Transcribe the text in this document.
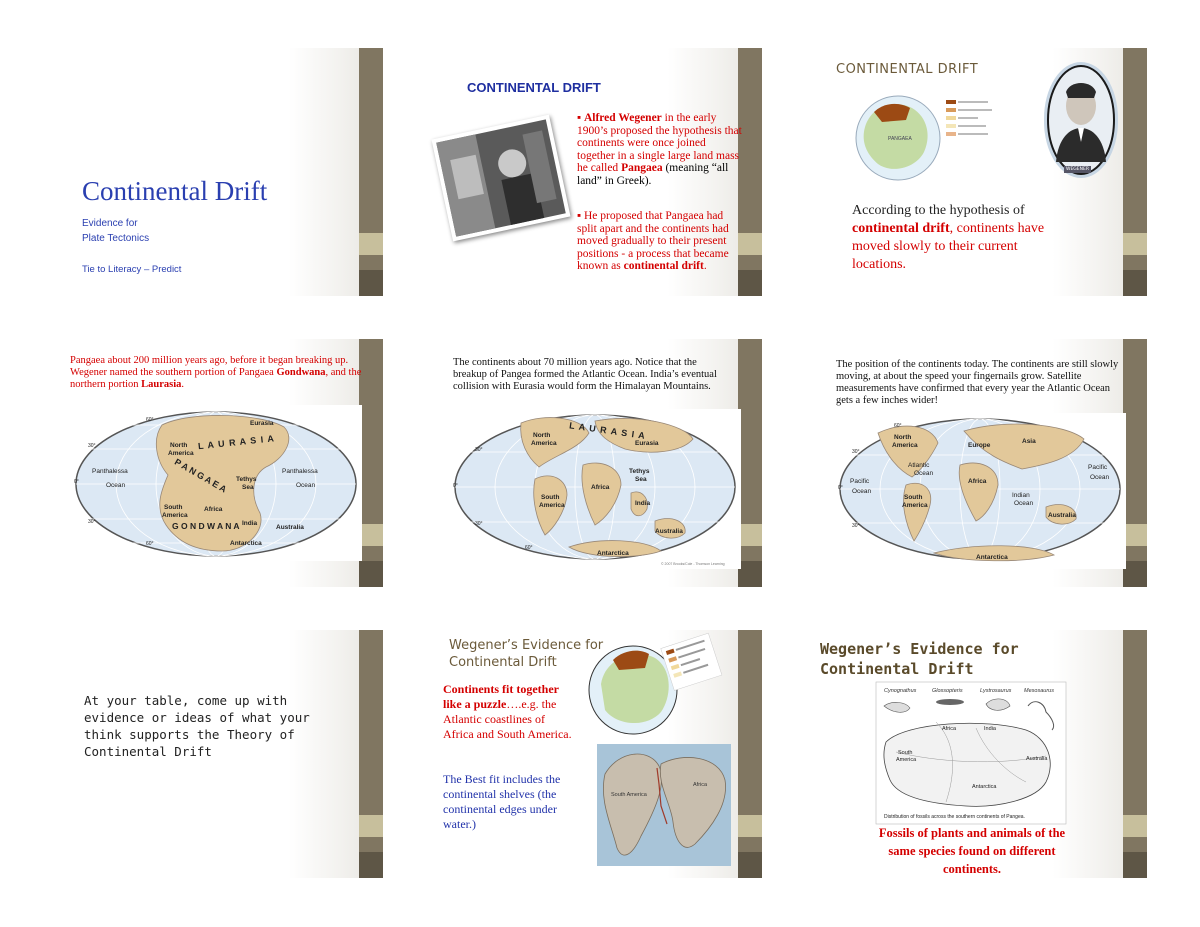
Continental Drift
Evidence for
Plate Tectonics
Tie to Literacy – Predict
CONTINENTAL DRIFT
▪ Alfred Wegener in the early 1900’s proposed the hypothesis that continents were once joined together in a single large land mass he called Pangaea (meaning “all land” in Greek).
▪ He proposed that Pangaea had split apart and the continents had moved gradually to their present positions - a process that became known as continental drift.
CONTINENTAL DRIFT
PANGAEA
WEGENER
According to the hypothesis of continental drift, continents have moved slowly to their current locations.
Pangaea about 200 million years ago, before it began breaking up. Wegener named the southern portion of Pangaea Gondwana, and the northern portion Laurasia.
Eurasia
North
America
L A U R A S I A
P A N G A E A
South
America
Africa
G O N D W A N A India
Australia
Antarctica
Tethys
Sea
Panthalessa
Ocean
Panthalessa
Ocean
60°
30°
0°
30°
60°
The continents about 70 million years ago. Notice that the breakup of Pangea formed the Atlantic Ocean. India’s eventual collision with Eurasia would form the Himalayan Mountains.
North
America
L A U R A S I A
Eurasia
Tethys
Sea
South
America
Africa
India
Australia
Antarctica
30°
0°
30°
60°
© 2007 Brooks/Cole - Thomson Learning
The position of the continents today. The continents are still slowly moving, at about the speed your fingernails grow. Satellite measurements have confirmed that every year the Atlantic Ocean gets a few inches wider!
North
America	Europe
Asia
Atlantic
Ocean
Pacific
Ocean
Pacific
Ocean
Africa
South
America
Indian
Ocean
Australia
Antarctica
60°
30°
0°
30°
At your table, come up with evidence or ideas of what your think supports the Theory of Continental Drift
Wegener’s Evidence for
Continental Drift
Continents fit together like a puzzle….e.g. the Atlantic coastlines of Africa and South America.
The Best fit includes the continental shelves (the continental edges under water.)
South America
Africa
Wegener’s Evidence for
Continental Drift
Cynognathus	Glossopteris	Lystrosaurus Mesosaurus
Africa	India
South
America	Australia
Antarctica
Distribution of fossils across the southern continents of Pangea.
Fossils of plants and animals of the same species found on different continents.
